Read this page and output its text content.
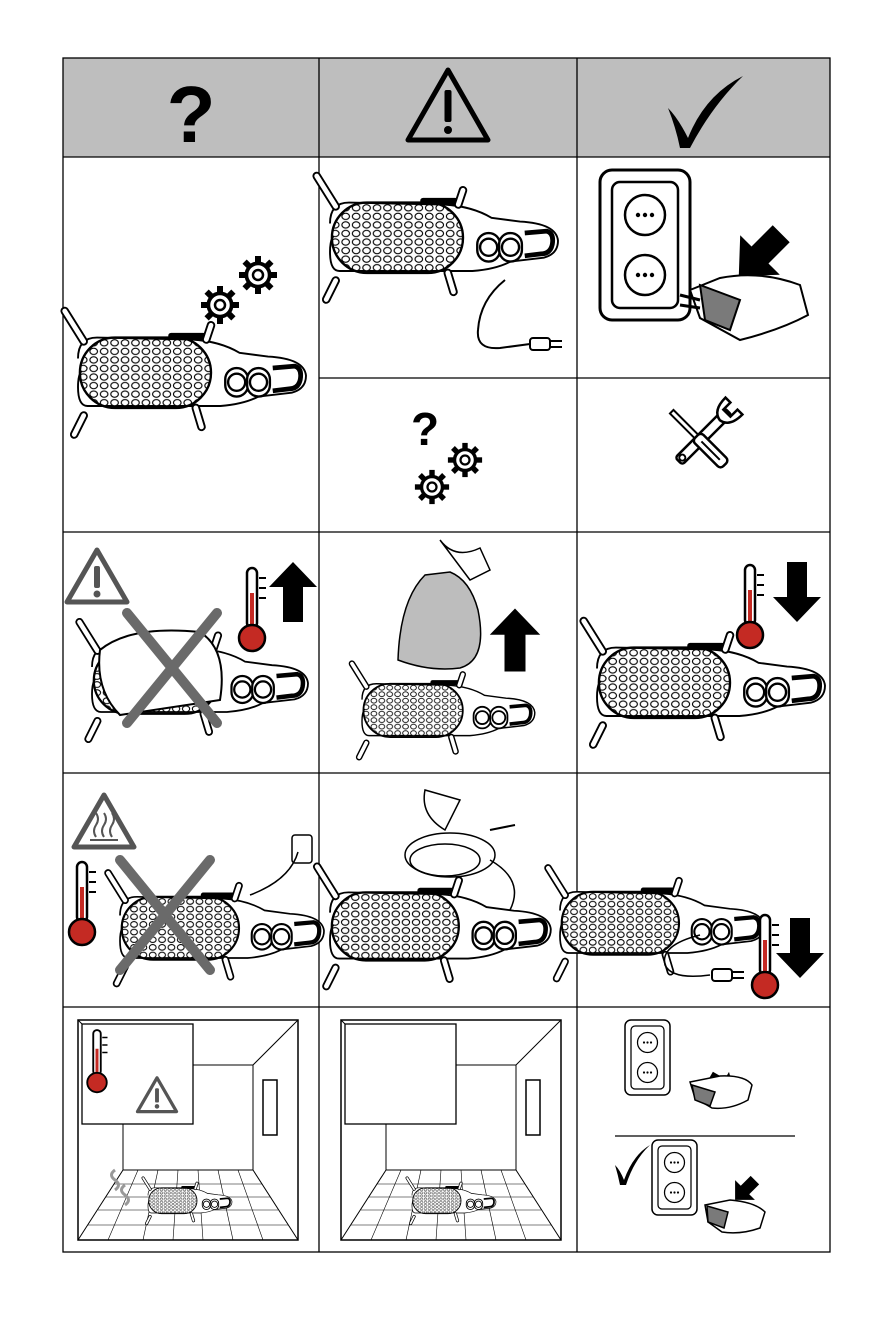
?
?
